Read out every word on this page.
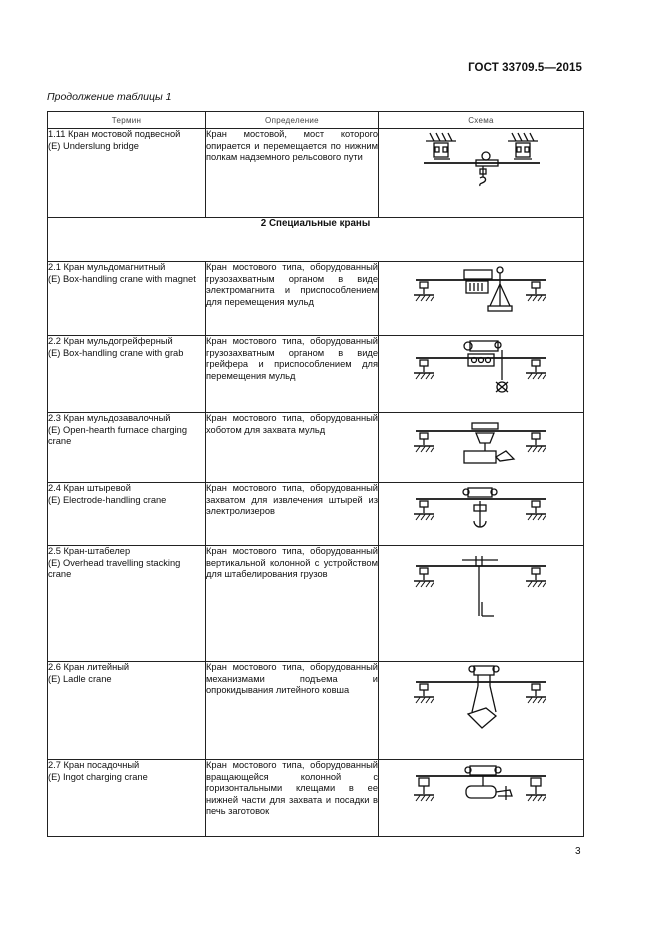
ГОСТ 33709.5—2015
Продолжение таблицы 1
Термин	Определение	Схема

1.11 Кран мостовой подвесной
(E) Underslung bridge	Кран мостовой, мост которого опирается и перемещается по нижним полкам надземного рельсового пути	

2 Специальные краны		

2.1 Кран мульдомагнитный
(E) Box-handling crane with magnet	Кран мостового типа, оборудованный грузозахватным органом в виде электромагнита и приспособлением для перемещения мульд	

2.2 Кран мульдогрейферный
(E) Box-handling crane with grab	Кран мостового типа, оборудованный грузозахватным органом в виде грейфера и приспособлением для перемещения мульд	

2.3 Кран мульдозавалочный
(E) Open-hearth furnace charging crane	Кран мостового типа, оборудованный хоботом для захвата мульд	

2.4 Кран штыревой
(E) Electrode-handling crane	Кран мостового типа, оборудованный захватом для извлечения штырей из электролизеров	

2.5 Кран-штабелер
(E) Overhead travelling stacking crane	Кран мостового типа, оборудованный вертикальной колонной с устройством для штабелирования грузов	

2.6 Кран литейный
(E) Ladle crane	Кран мостового типа, оборудованный механизмами подъема и опрокидывания литейного ковша	

2.7 Кран посадочный
(E) Ingot charging crane	Кран мостового типа, оборудованный вращающейся колонной с горизонтальными клещами в ее нижней части для захвата и посадки в печь заготовок	
3
